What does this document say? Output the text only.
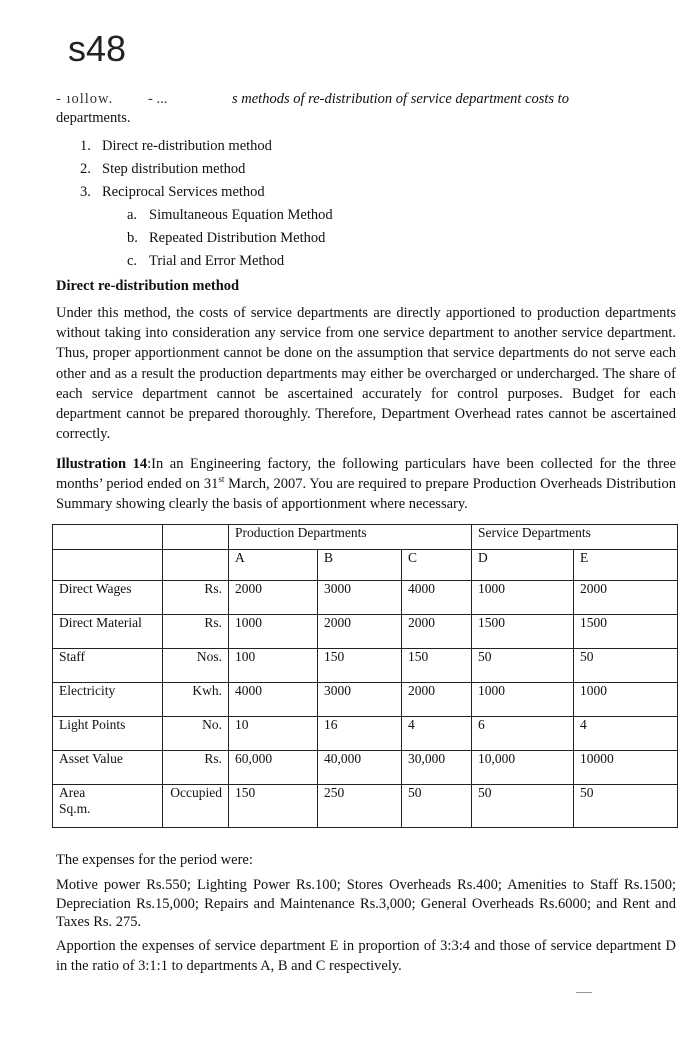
s48
- ıollow. - ...	s methods of re-distribution of service department costs to
departments.
1. Direct re-distribution method
2. Step distribution method
3. Reciprocal Services method
a. Simultaneous Equation Method
b. Repeated Distribution Method
c. Trial and Error Method
Direct re-distribution method

Under this method, the costs of service departments are directly apportioned to production departments without taking into consideration any service from one service department to another service department. Thus, proper apportionment cannot be done on the assumption that service departments do not serve each other and as a result the production departments may either be overcharged or undercharged. The share of each service department cannot be ascertained accurately for control purposes. Budget for each department cannot be prepared thoroughly. Therefore, Department Overhead rates cannot be ascertained correctly.

Illustration 14:In an Engineering factory, the following particulars have been collected for the three months’ period ended on 31st March, 2007. You are required to prepare Production Overheads Distribution Summary showing clearly the basis of apportionment where necessary.

		Production Departments			Service Departments	
		A	B	C	D	E
Direct Wages	Rs.	2000	3000	4000	1000	2000
Direct Material	Rs.	1000	2000	2000	1500	1500
Staff	Nos.	100	150	150	50	50
Electricity	Kwh.	4000	3000	2000	1000	1000
Light Points	No.	10	16	4	6	4
Asset Value	Rs.	60,000	40,000	30,000	10,000	10000
Area
Sq.m.	Occupied	150	250	50	50	50
The expenses for the period were:

Motive power Rs.550; Lighting Power Rs.100; Stores Overheads Rs.400; Amenities to Staff Rs.1500; Depreciation Rs.15,000; Repairs and Maintenance Rs.3,000; General Overheads Rs.6000; and Rent and Taxes Rs. 275.

Apportion the expenses of service department E in proportion of 3:3:4 and those of service department D in the ratio of 3:1:1 to departments A, B and C respectively.
